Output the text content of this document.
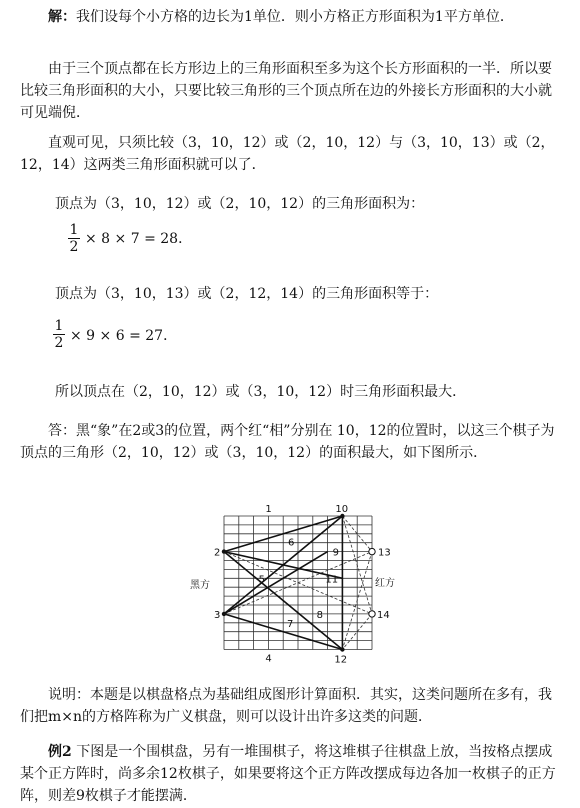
解：我们设每个小方格的边长为1单位．则小方格正方形面积为1平方单位．

由于三个顶点都在长方形边上的三角形面积至多为这个长方形面积的一半．所以要比较三角形面积的大小，只要比较三角形的三个顶点所在边的外接长方形面积的大小就可见端倪．

直观可见，只须比较（3，10，12）或（2，10，12）与（3，10，13）或（2，12，14）这两类三角形面积就可以了．

顶点为（3，10，12）或（2，10，12）的三角形面积为：

1
2 × 8 × 7 = 28．

顶点为（3，10，13）或（2，12，14）的三角形面积等于：

1
2 × 9 × 6 = 27．

所以顶点在（2，10，12）或（3，10，12）时三角形面积最大．

答：黑“象”在2或3的位置，两个红“相”分别在 10，12的位置时，以这三个棋子为顶点的三角形（2，10，12）或（3，10，12）的面积最大，如下图所示．

1
2
3
4
5
6
7
8
9
10
11
12
13
14
黑方	红方

说明：本题是以棋盘格点为基础组成图形计算面积．其实，这类问题所在多有，我们把m×n的方格阵称为广义棋盘，则可以设计出许多这类的问题．

例2 下图是一个围棋盘，另有一堆围棋子，将这堆棋子往棋盘上放，当按格点摆成某个正方阵时，尚多余12枚棋子，如果要将这个正方阵改摆成每边各加一枚棋子的正方阵，则差9枚棋子才能摆满．
